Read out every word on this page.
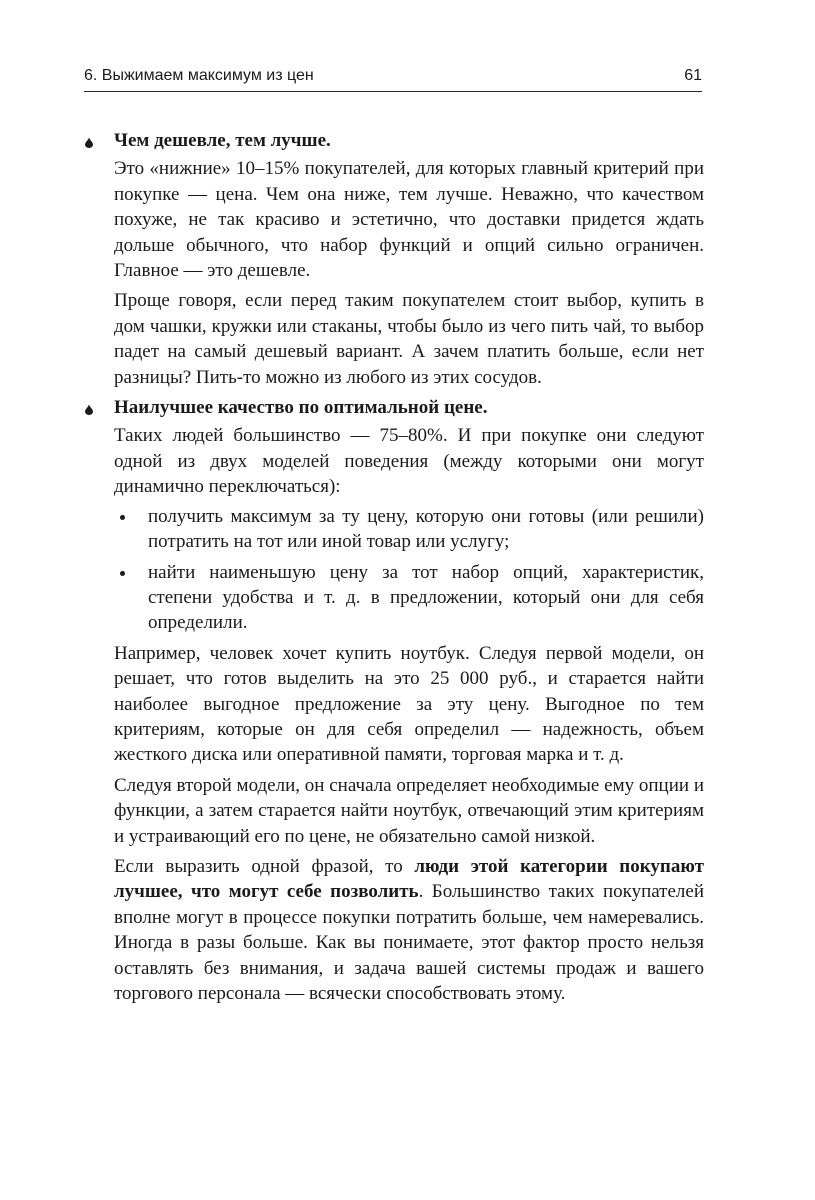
6. Выжимаем максимум из цен	61
Чем дешевле, тем лучше.

Это «нижние» 10–15% покупателей, для которых главный критерий при покупке — цена. Чем она ниже, тем лучше. Неважно, что качеством похуже, не так красиво и эстетично, что доставки придется ждать дольше обычного, что набор функций и опций сильно ограничен. Главное — это дешевле.

Проще говоря, если перед таким покупателем стоит выбор, купить в дом чашки, кружки или стаканы, чтобы было из чего пить чай, то выбор падет на самый дешевый вариант. А зачем платить больше, если нет разницы? Пить-то можно из любого из этих сосудов.

Наилучшее качество по оптимальной цене.

Таких людей большинство — 75–80%. И при покупке они следуют одной из двух моделей поведения (между которыми они могут динамично переключаться):

получить максимум за ту цену, которую они готовы (или решили) потратить на тот или иной товар или услугу;
найти наименьшую цену за тот набор опций, характеристик, степени удобства и т. д. в предложении, который они для себя определили.

Например, человек хочет купить ноутбук. Следуя первой модели, он решает, что готов выделить на это 25 000 руб., и старается найти наиболее выгодное предложение за эту цену. Выгодное по тем критериям, которые он для себя определил — надежность, объем жесткого диска или оперативной памяти, торговая марка и т. д.

Следуя второй модели, он сначала определяет необходимые ему опции и функции, а затем старается найти ноутбук, отвечающий этим критериям и устраивающий его по цене, не обязательно самой низкой.

Если выразить одной фразой, то люди этой категории покупают лучшее, что могут себе позволить. Большинство таких покупателей вполне могут в процессе покупки потратить больше, чем намеревались. Иногда в разы больше. Как вы понимаете, этот фактор просто нельзя оставлять без внимания, и задача вашей системы продаж и вашего торгового персонала — всячески способствовать этому.
